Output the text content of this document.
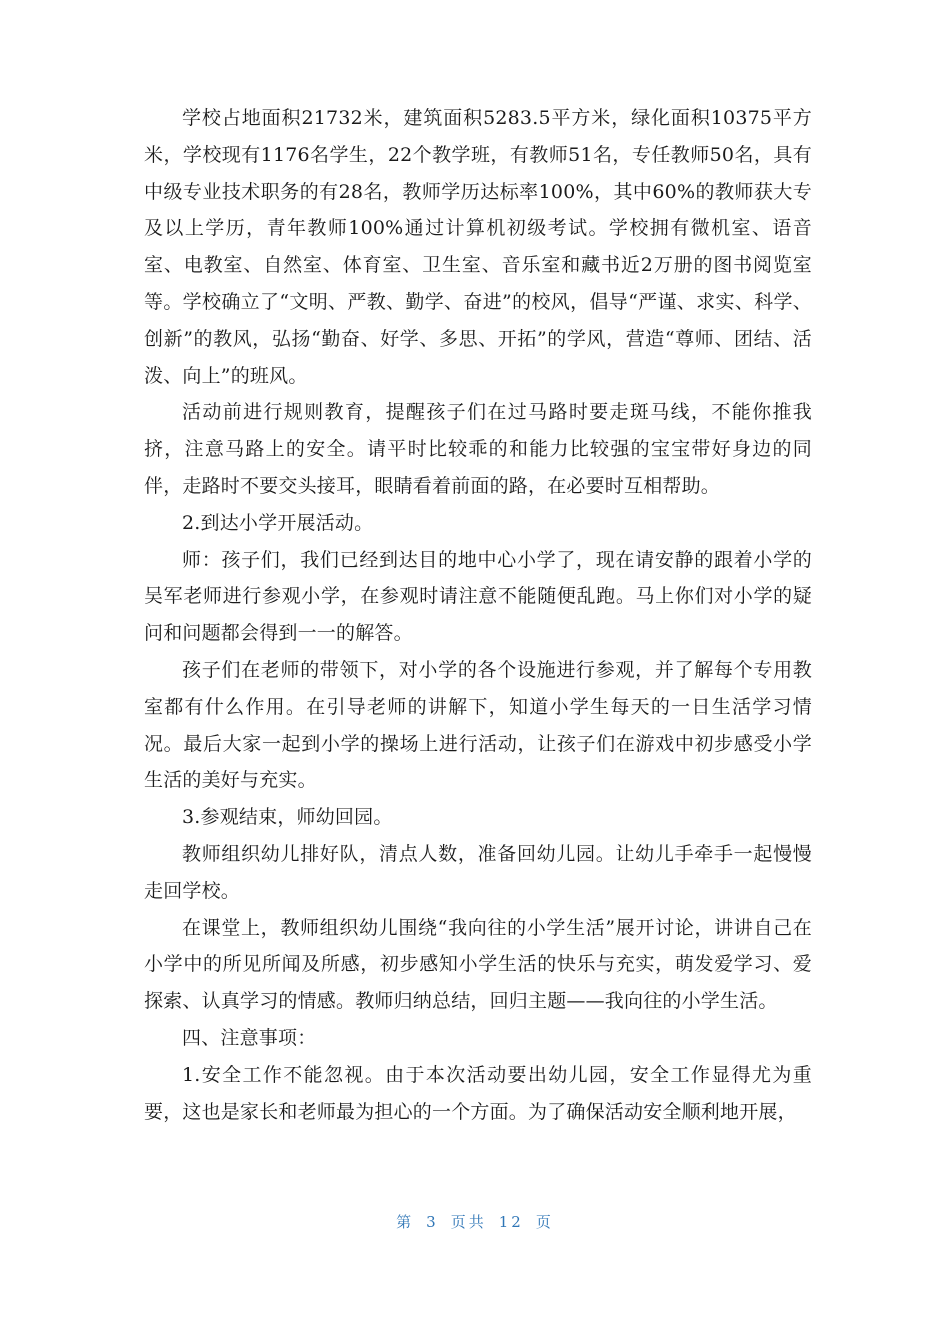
学校占地面积21732米，建筑面积5283.5平方米，绿化面积10375平方米，学校现有1176名学生，22个教学班，有教师51名，专任教师50名，具有中级专业技术职务的有28名，教师学历达标率100%，其中60%的教师获大专及以上学历，青年教师100%通过计算机初级考试。学校拥有微机室、语音室、电教室、自然室、体育室、卫生室、音乐室和藏书近2万册的图书阅览室等。学校确立了“文明、严教、勤学、奋进”的校风，倡导“严谨、求实、科学、创新”的教风，弘扬“勤奋、好学、多思、开拓”的学风，营造“尊师、团结、活泼、向上”的班风。

活动前进行规则教育，提醒孩子们在过马路时要走斑马线，不能你推我挤，注意马路上的安全。请平时比较乖的和能力比较强的宝宝带好身边的同伴，走路时不要交头接耳，眼睛看着前面的路，在必要时互相帮助。

2.到达小学开展活动。

师：孩子们，我们已经到达目的地中心小学了，现在请安静的跟着小学的吴军老师进行参观小学，在参观时请注意不能随便乱跑。马上你们对小学的疑问和问题都会得到一一的解答。

孩子们在老师的带领下，对小学的各个设施进行参观，并了解每个专用教室都有什么作用。在引导老师的讲解下，知道小学生每天的一日生活学习情况。最后大家一起到小学的操场上进行活动，让孩子们在游戏中初步感受小学生活的美好与充实。

3.参观结束，师幼回园。

教师组织幼儿排好队，清点人数，准备回幼儿园。让幼儿手牵手一起慢慢走回学校。

在课堂上，教师组织幼儿围绕“我向往的小学生活”展开讨论，讲讲自己在小学中的所见所闻及所感，初步感知小学生活的快乐与充实，萌发爱学习、爱探索、认真学习的情感。教师归纳总结，回归主题——我向往的小学生活。

四、注意事项：

1.安全工作不能忽视。由于本次活动要出幼儿园，安全工作显得尤为重要，这也是家长和老师最为担心的一个方面。为了确保活动安全顺利地开展，

第 3 页共 12 页
